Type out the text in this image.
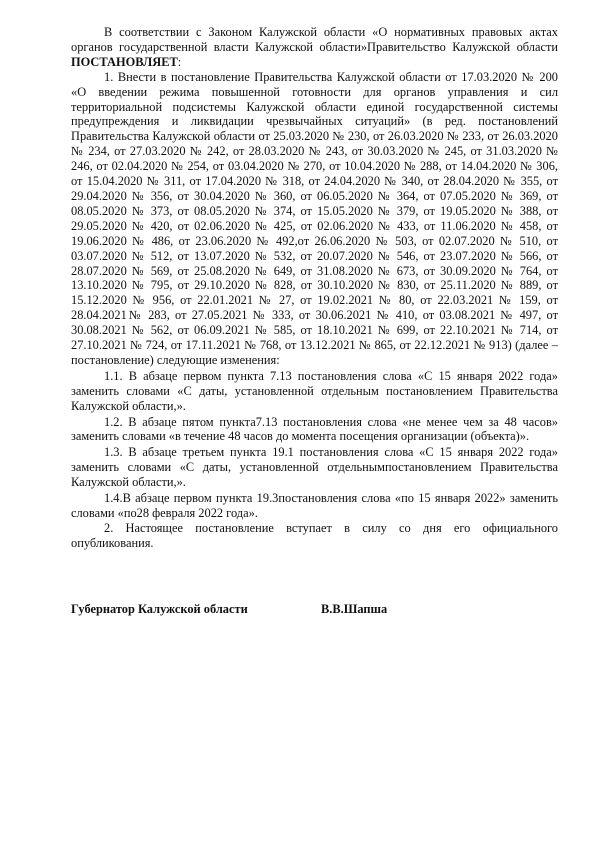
В соответствии с Законом Калужской области «О нормативных правовых актах органов государственной власти Калужской области»Правительство Калужской области ПОСТАНОВЛЯЕТ:

1. Внести в постановление Правительства Калужской области от 17.03.2020 № 200 «О введении режима повышенной готовности для органов управления и сил территориальной подсистемы Калужской области единой государственной системы предупреждения и ликвидации чрезвычайных ситуаций» (в ред. постановлений Правительства Калужской области от 25.03.2020 № 230, от 26.03.2020 № 233, от 26.03.2020 № 234, от 27.03.2020 № 242, от 28.03.2020 № 243, от 30.03.2020 № 245, от 31.03.2020 № 246, от 02.04.2020 № 254, от 03.04.2020 № 270, от 10.04.2020 № 288, от 14.04.2020 № 306, от 15.04.2020 № 311, от 17.04.2020 № 318, от 24.04.2020 № 340, от 28.04.2020 № 355, от 29.04.2020 № 356, от 30.04.2020 № 360, от 06.05.2020 № 364, от 07.05.2020 № 369, от 08.05.2020 № 373, от 08.05.2020 № 374, от 15.05.2020 № 379, от 19.05.2020 № 388, от 29.05.2020 № 420, от 02.06.2020 № 425, от 02.06.2020 № 433, от 11.06.2020 № 458, от 19.06.2020 № 486, от 23.06.2020 № 492,от 26.06.2020 № 503, от 02.07.2020 № 510, от 03.07.2020 № 512, от 13.07.2020 № 532, от 20.07.2020 № 546, от 23.07.2020 № 566, от 28.07.2020 № 569, от 25.08.2020 № 649, от 31.08.2020 № 673, от 30.09.2020 № 764, от 13.10.2020 № 795, от 29.10.2020 № 828, от 30.10.2020 № 830, от 25.11.2020 № 889, от 15.12.2020 № 956, от 22.01.2021 № 27, от 19.02.2021 № 80, от 22.03.2021 № 159, от 28.04.2021№ 283, от 27.05.2021 № 333, от 30.06.2021 № 410, от 03.08.2021 № 497, от 30.08.2021 № 562, от 06.09.2021 № 585, от 18.10.2021 № 699, от 22.10.2021 № 714, от 27.10.2021 № 724, от 17.11.2021 № 768, от 13.12.2021 № 865, от 22.12.2021 № 913) (далее – постановление) следующие изменения:

1.1. В абзаце первом пункта 7.13 постановления слова «С 15 января 2022 года» заменить словами «С даты, установленной отдельным постановлением Правительства Калужской области,».

1.2. В абзаце пятом пункта7.13 постановления слова «не менее чем за 48 часов» заменить словами «в течение 48 часов до момента посещения организации (объекта)».

1.3. В абзаце третьем пункта 19.1 постановления слова «С 15 января 2022 года» заменить словами «С даты, установленной отдельнымпостановлением Правительства Калужской области,».

1.4.В абзаце первом пункта 19.3постановления слова «по 15 января 2022» заменить словами «по28 февраля 2022 года».

2. Настоящее постановление вступает в силу со дня его официального опубликования.

Губернатор Калужской области	В.В.Шапша
